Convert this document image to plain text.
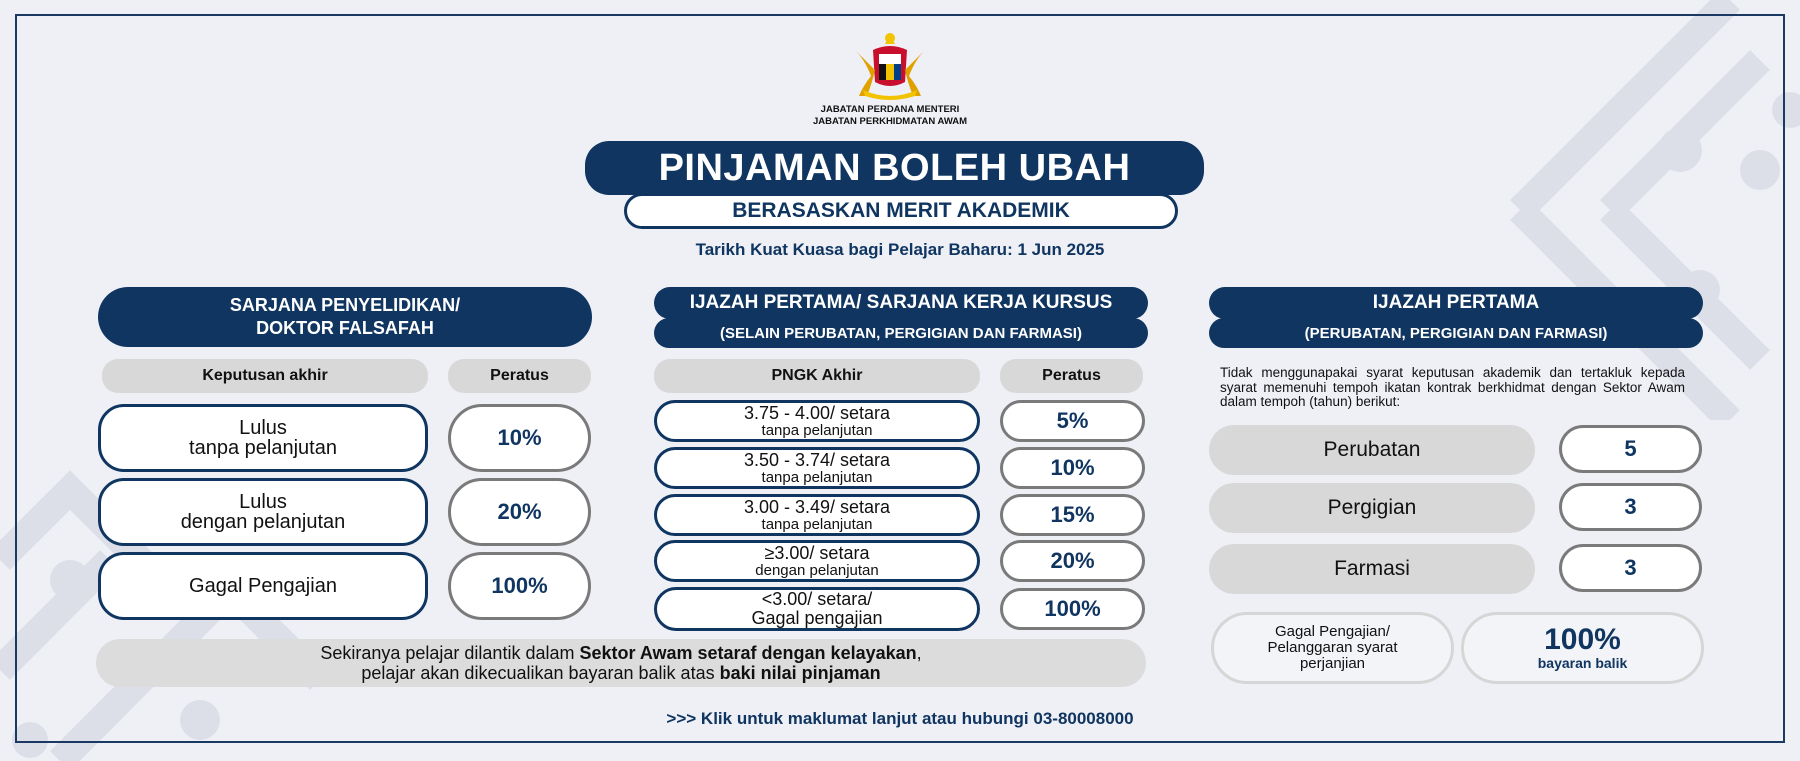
JABATAN PERDANA MENTERI
JABATAN PERKHIDMATAN AWAM
PINJAMAN BOLEH UBAH
BERASASKAN MERIT AKADEMIK
Tarikh Kuat Kuasa bagi Pelajar Baharu: 1 Jun 2025
SARJANA PENYELIDIKAN/
DOKTOR FALSAFAH
Keputusan akhir	Peratus
Lulus
tanpa pelanjutan	10%
Lulus
dengan pelanjutan	20%
Gagal Pengajian	100%
IJAZAH PERTAMA/ SARJANA KERJA KURSUS
(SELAIN PERUBATAN, PERGIGIAN DAN FARMASI)
PNGK Akhir	Peratus
3.75 - 4.00/ setara
tanpa pelanjutan	5%
3.50 - 3.74/ setara
tanpa pelanjutan	10%
3.00 - 3.49/ setara
tanpa pelanjutan	15%
≥3.00/ setara
dengan pelanjutan	20%
<3.00/ setara/
Gagal pengajian	100%
Sekiranya pelajar dilantik dalam Sektor Awam setaraf dengan kelayakan,
pelajar akan dikecualikan bayaran balik atas baki nilai pinjaman
IJAZAH PERTAMA
(PERUBATAN, PERGIGIAN DAN FARMASI)
Tidak menggunapakai syarat keputusan akademik dan tertakluk kepada syarat memenuhi tempoh ikatan kontrak berkhidmat dengan Sektor Awam dalam tempoh (tahun) berikut:
Perubatan	5
Pergigian	3
Farmasi	3
Gagal Pengajian/
Pelanggaran syarat
perjanjian
100%
bayaran balik
>>> Klik untuk maklumat lanjut atau hubungi 03-80008000
